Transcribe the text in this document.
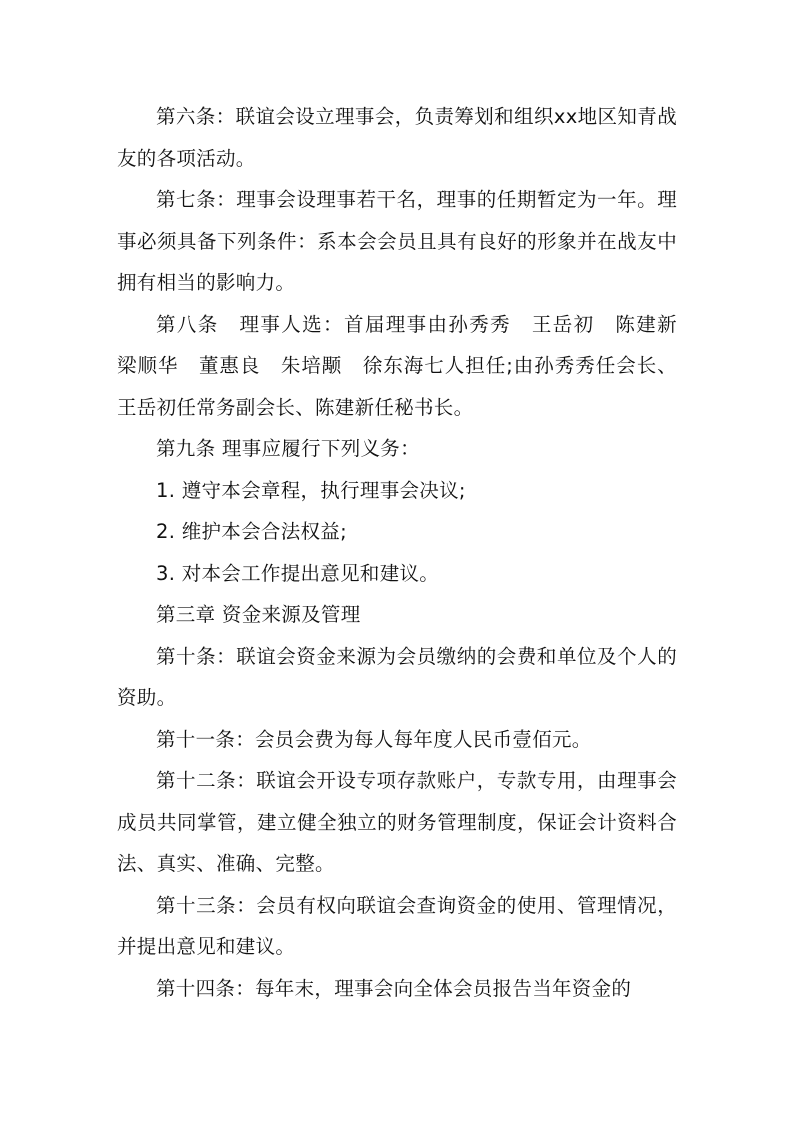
第六条：联谊会设立理事会，负责筹划和组织xx地区知青战友的各项活动。

第七条：理事会设理事若干名，理事的任期暂定为一年。理事必须具备下列条件：系本会会员且具有良好的形象并在战友中拥有相当的影响力。

第八条　理事人选：首届理事由孙秀秀　王岳初　陈建新　梁顺华　董惠良　朱培颙　徐东海七人担任;由孙秀秀任会长、王岳初任常务副会长、陈建新任秘书长。

第九条 理事应履行下列义务：

1. 遵守本会章程，执行理事会决议;

2. 维护本会合法权益;

3. 对本会工作提出意见和建议。

第三章 资金来源及管理

第十条：联谊会资金来源为会员缴纳的会费和单位及个人的资助。

第十一条：会员会费为每人每年度人民币壹佰元。

第十二条：联谊会开设专项存款账户，专款专用，由理事会成员共同掌管，建立健全独立的财务管理制度，保证会计资料合法、真实、准确、完整。

第十三条：会员有权向联谊会查询资金的使用、管理情况，并提出意见和建议。

第十四条：每年末，理事会向全体会员报告当年资金的
